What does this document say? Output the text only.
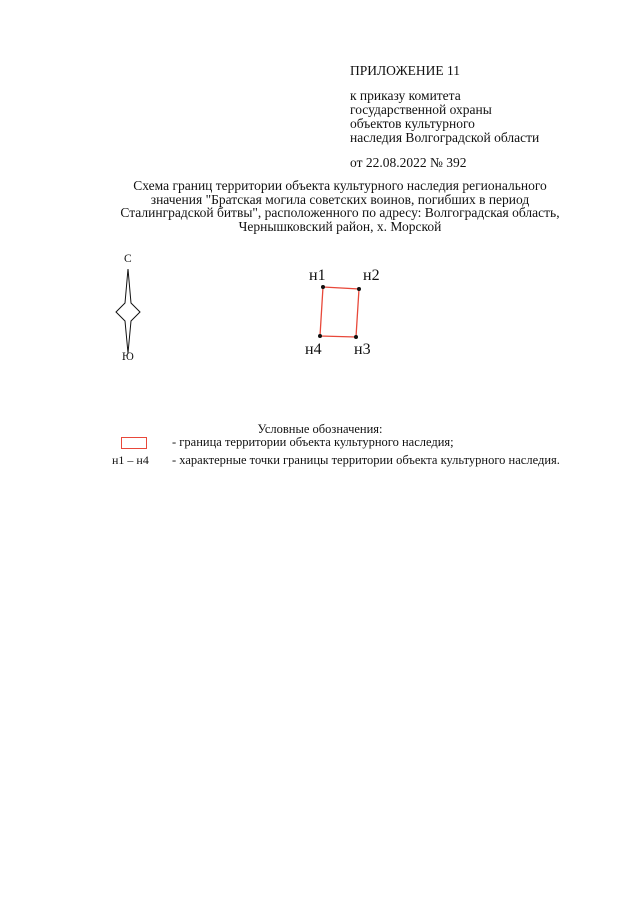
ПРИЛОЖЕНИЕ 11
к приказу комитета
государственной охраны
объектов культурного
наследия Волгоградской области
от 22.08.2022 № 392
Схема границ территории объекта культурного наследия регионального
значения "Братская могила советских воинов, погибших в период
Сталинградской битвы", расположенного по адресу: Волгоградская область,
Чернышковский район, х. Морской
С
Ю
н1 н2
н3
н4
Условные обозначения:
- граница территории объекта культурного наследия;
н1 – н4 - характерные точки границы территории объекта культурного наследия.
